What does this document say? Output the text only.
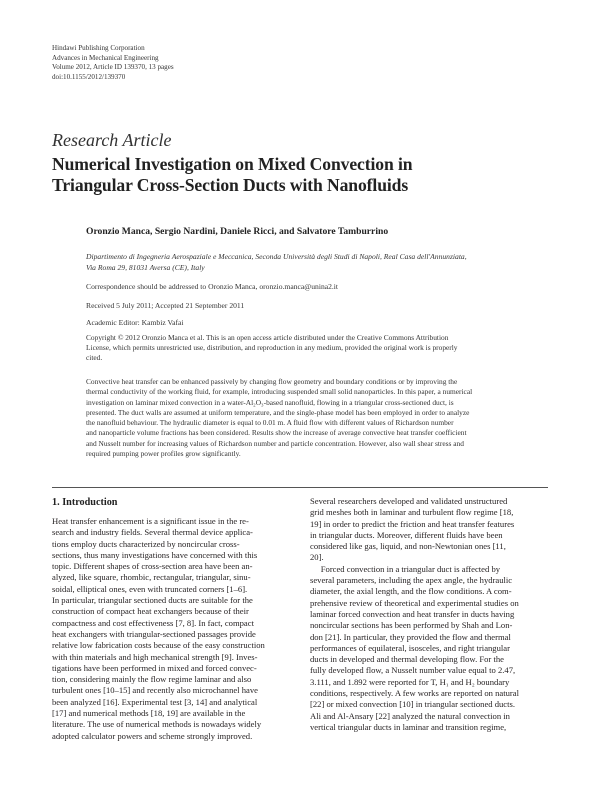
Hindawi Publishing Corporation
Advances in Mechanical Engineering
Volume 2012, Article ID 139370, 13 pages
doi:10.1155/2012/139370
Research Article
Numerical Investigation on Mixed Convection in
Triangular Cross-Section Ducts with Nanofluids
Oronzio Manca, Sergio Nardini, Daniele Ricci, and Salvatore Tamburrino
Dipartimento di Ingegneria Aerospaziale e Meccanica, Seconda Università degli Studi di Napoli, Real Casa dell'Annunziata,
Via Roma 29, 81031 Aversa (CE), Italy
Correspondence should be addressed to Oronzio Manca, oronzio.manca@unina2.it
Received 5 July 2011; Accepted 21 September 2011
Academic Editor: Kambiz Vafai
Copyright © 2012 Oronzio Manca et al. This is an open access article distributed under the Creative Commons Attribution
License, which permits unrestricted use, distribution, and reproduction in any medium, provided the original work is properly
cited.
Convective heat transfer can be enhanced passively by changing flow geometry and boundary conditions or by improving the
thermal conductivity of the working fluid, for example, introducing suspended small solid nanoparticles. In this paper, a numerical
investigation on laminar mixed convection in a water-Al₂O₃-based nanofluid, flowing in a triangular cross-sectioned duct, is
presented. The duct walls are assumed at uniform temperature, and the single-phase model has been employed in order to analyze
the nanofluid behaviour. The hydraulic diameter is equal to 0.01 m. A fluid flow with different values of Richardson number
and nanoparticle volume fractions has been considered. Results show the increase of average convective heat transfer coefficient
and Nusselt number for increasing values of Richardson number and particle concentration. However, also wall shear stress and
required pumping power profiles grow significantly.
1. Introduction
Heat transfer enhancement is a significant issue in the re-
search and industry fields. Several thermal device applica-
tions employ ducts characterized by noncircular cross-
sections, thus many investigations have concerned with this
topic. Different shapes of cross-section area have been an-
alyzed, like square, rhombic, rectangular, triangular, sinu-
soidal, elliptical ones, even with truncated corners [1–6].
In particular, triangular sectioned ducts are suitable for the
construction of compact heat exchangers because of their
compactness and cost effectiveness [7, 8]. In fact, compact
heat exchangers with triangular-sectioned passages provide
relative low fabrication costs because of the easy construction
with thin materials and high mechanical strength [9]. Inves-
tigations have been performed in mixed and forced convec-
tion, considering mainly the flow regime laminar and also
turbulent ones [10–15] and recently also microchannel have
been analyzed [16]. Experimental test [3, 14] and analytical
[17] and numerical methods [18, 19] are available in the
literature. The use of numerical methods is nowadays widely
adopted calculator powers and scheme strongly improved.
Several researchers developed and validated unstructured
grid meshes both in laminar and turbulent flow regime [18,
19] in order to predict the friction and heat transfer features
in triangular ducts. Moreover, different fluids have been
considered like gas, liquid, and non-Newtonian ones [11,
20].
Forced convection in a triangular duct is affected by
several parameters, including the apex angle, the hydraulic
diameter, the axial length, and the flow conditions. A com-
prehensive review of theoretical and experimental studies on
laminar forced convection and heat transfer in ducts having
noncircular sections has been performed by Shah and Lon-
don [21]. In particular, they provided the flow and thermal
performances of equilateral, isosceles, and right triangular
ducts in developed and thermal developing flow. For the
fully developed flow, a Nusselt number value equal to 2.47,
3.111, and 1.892 were reported for T, H₁ and H₂ boundary
conditions, respectively. A few works are reported on natural
[22] or mixed convection [10] in triangular sectioned ducts.
Ali and Al-Ansary [22] analyzed the natural convection in
vertical triangular ducts in laminar and transition regime,
